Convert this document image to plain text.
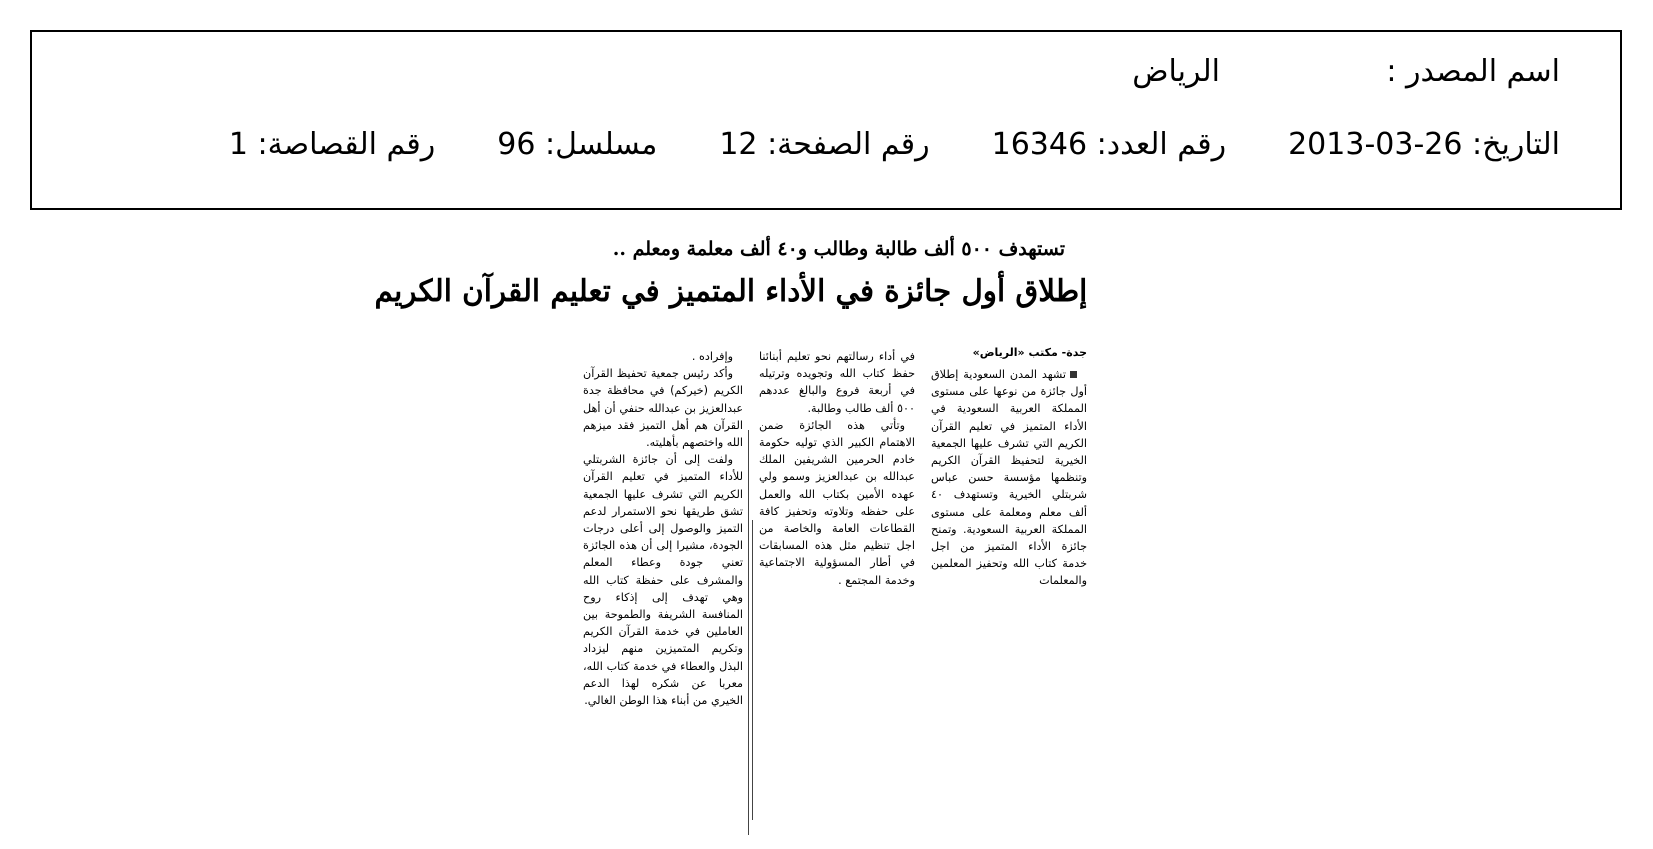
اسم المصدر :
الرياض
التاريخ: 26-03-2013
رقم العدد: 16346
رقم الصفحة: 12
مسلسل: 96
رقم القصاصة: 1
تستهدف ٥٠٠ ألف طالبة وطالب و٤٠ ألف معلمة ومعلم ..
إطلاق أول جائزة في الأداء المتميز في تعليم القرآن الكريم
جدة- مكتب «الرياض»

تشهد المدن السعودية إطلاق أول جائزة من نوعها على مستوى المملكة العربية السعودية في الأداء المتميز في تعليم القرآن الكريم التي تشرف عليها الجمعية الخيرية لتحفيظ القرآن الكريم وتنظمها مؤسسة حسن عباس شربتلي الخيرية وتستهدف ٤٠ ألف معلم ومعلمة على مستوى المملكة العربية السعودية. وتمنح جائزة الأداء المتميز من اجل خدمة كتاب الله وتحفيز المعلمين والمعلمات

في أداء رسالتهم نحو تعليم أبنائنا حفظ كتاب الله وتجويده وترتيله في أربعة فروع والبالغ عددهم ٥٠٠ ألف طالب وطالبة.

وتأتي هذه الجائزة ضمن الاهتمام الكبير الذي توليه حكومة خادم الحرمين الشريفين الملك عبدالله بن عبدالعزيز وسمو ولي عهده الأمين بكتاب الله والعمل على حفظه وتلاوته وتحفيز كافة القطاعات العامة والخاصة من اجل تنظيم مثل هذه المسابقات في أطار المسؤولية الاجتماعية وخدمة المجتمع .

وإفراده .

وأكد رئيس جمعية تحفيظ القرآن الكريم (خيركم) في محافظة جدة عبدالعزيز بن عبدالله حنفي أن أهل القرآن هم أهل التميز فقد ميزهم الله واختصهم بأهليته.

ولفت إلى أن جائزة الشربتلي للأداء المتميز في تعليم القرآن الكريم التي تشرف عليها الجمعية تشق طريقها نحو الاستمرار لدعم التميز والوصول إلى أعلى درجات الجودة، مشيرا إلى أن هذه الجائزة تعني جودة وعطاء المعلم والمشرف على حفظة كتاب الله وهي تهدف إلى إذكاء روح المنافسة الشريفة والطموحة بين العاملين في خدمة القرآن الكريم وتكريم المتميزين منهم ليزداد البذل والعطاء في خدمة كتاب الله، معربا عن شكره لهذا الدعم الخيري من أبناء هذا الوطن الغالي.
